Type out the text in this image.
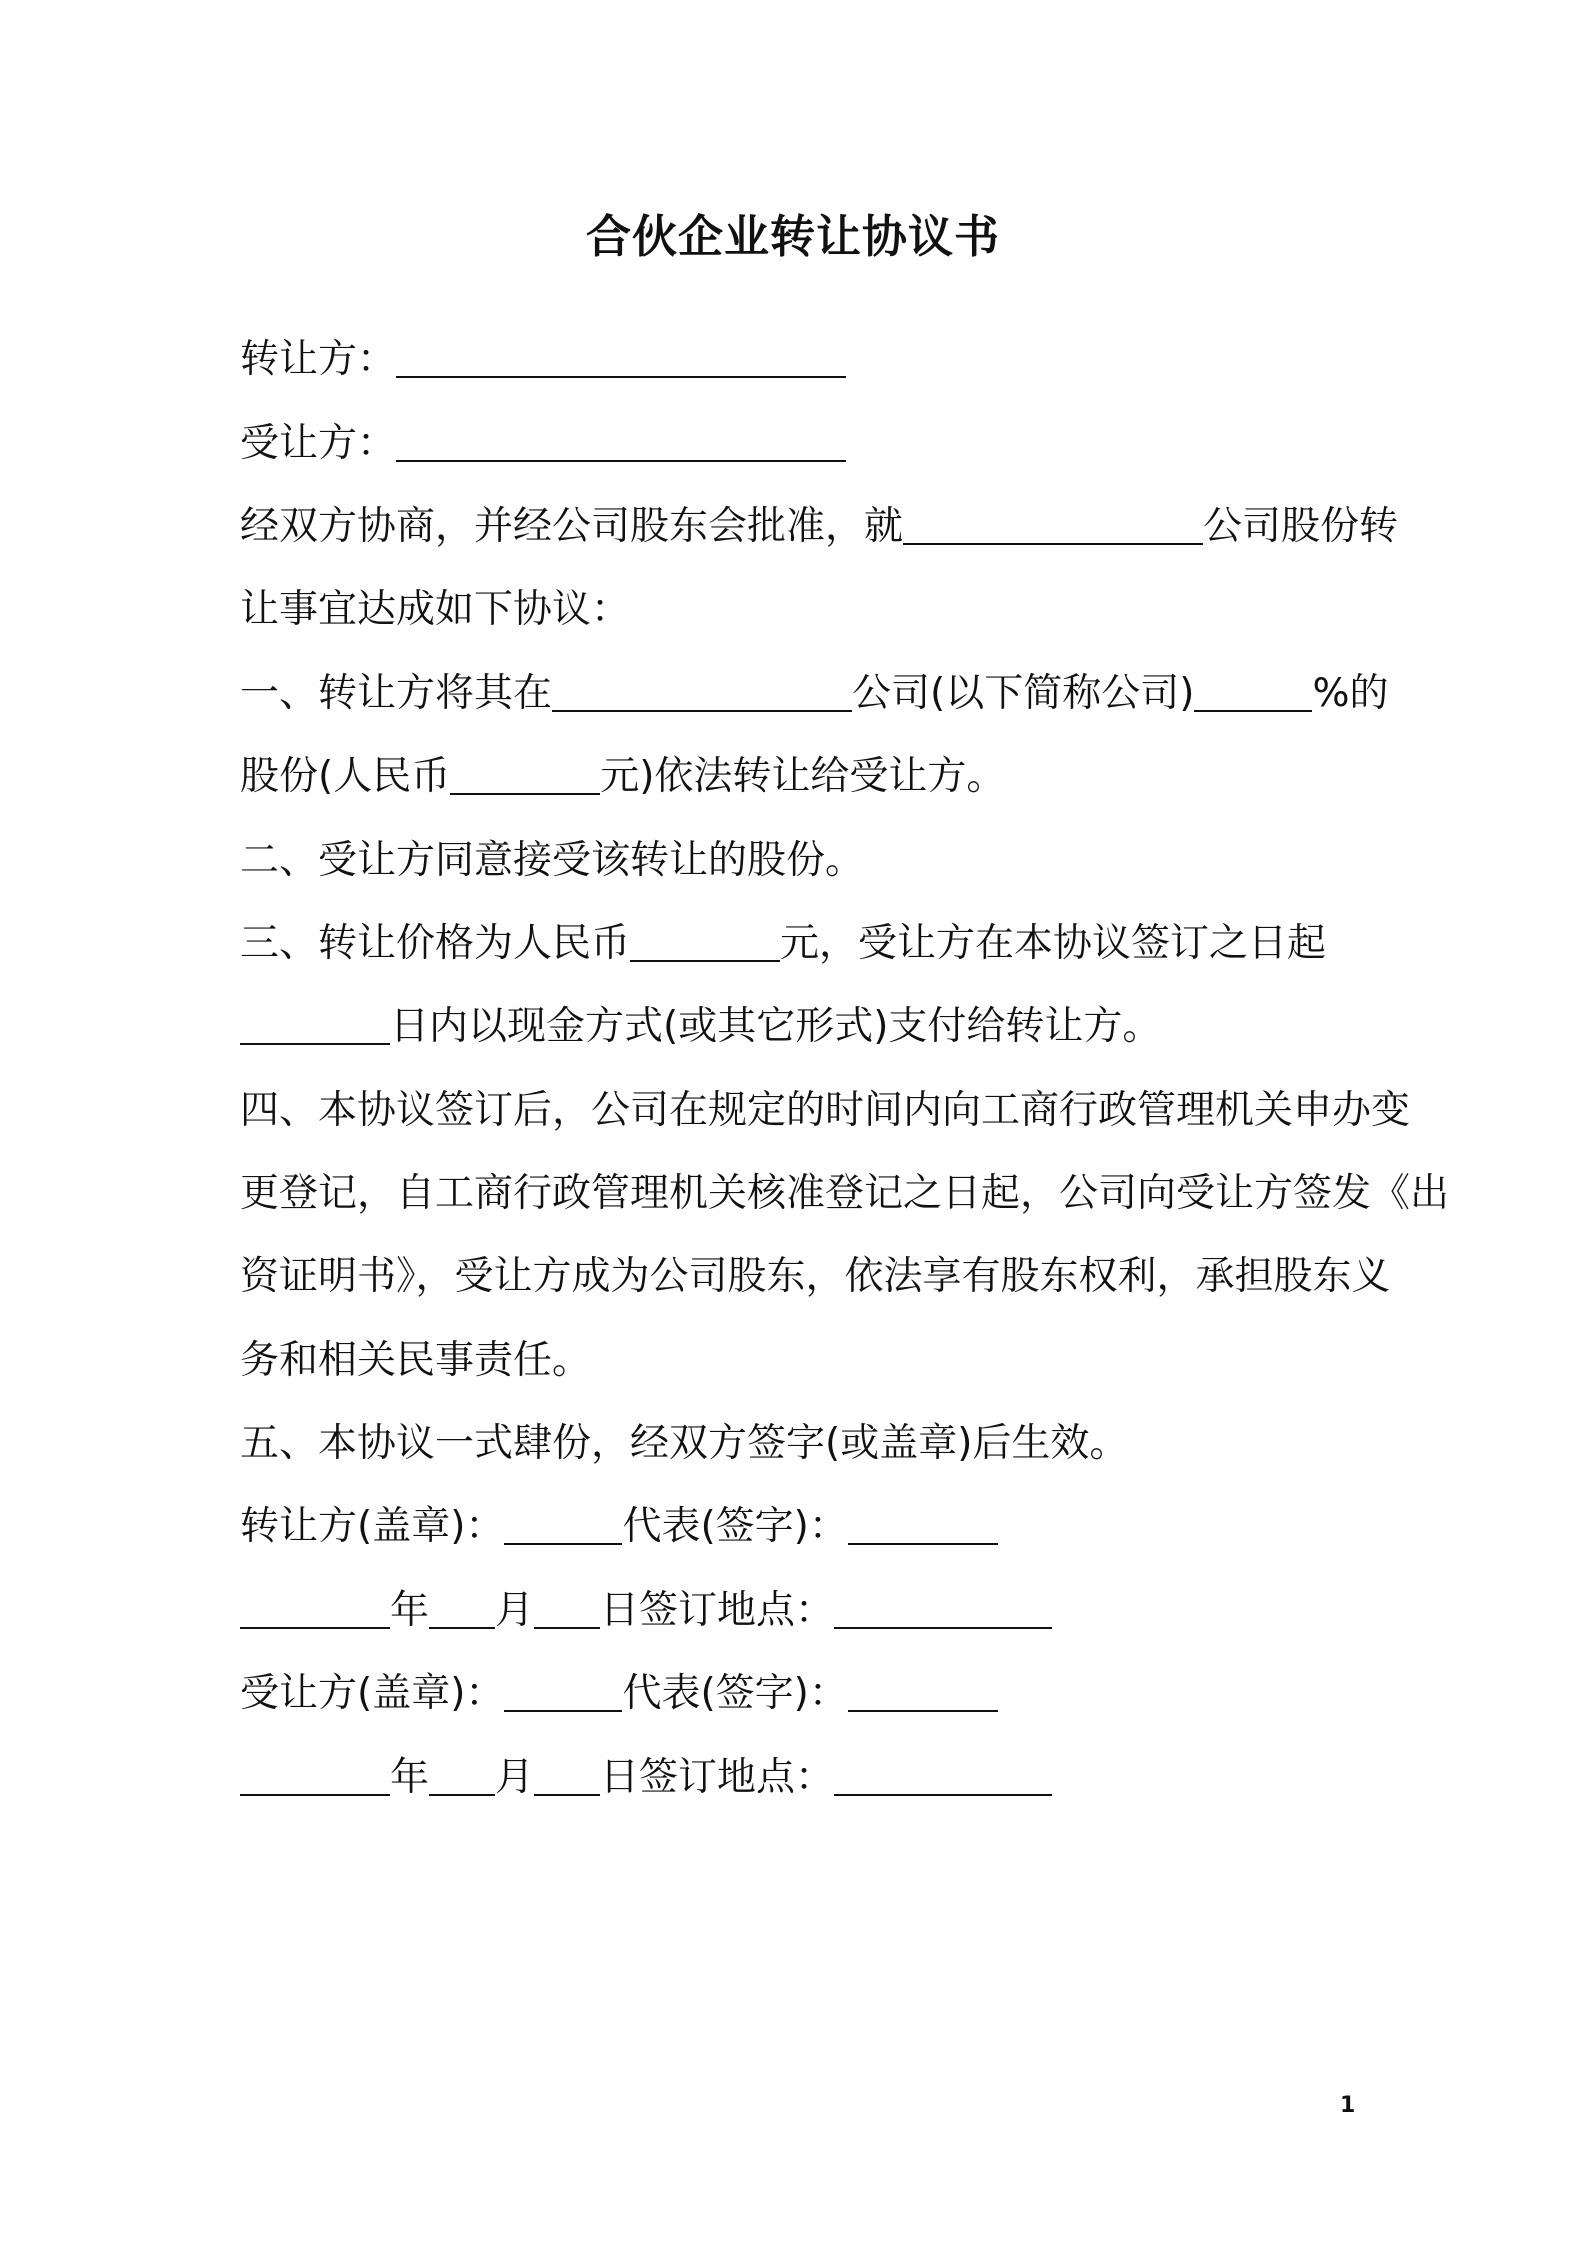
合伙企业转让协议书
转让方：
受让方：
经双方协商，并经公司股东会批准，就	公司股份转
让事宜达成如下协议：
一、转让方将其在	公司(以下简称公司)	%的
股份(人民币	元)依法转让给受让方。
二、受让方同意接受该转让的股份。
三、转让价格为人民币	元，受让方在本协议签订之日起
日内以现金方式(或其它形式)支付给转让方。
四、本协议签订后，公司在规定的时间内向工商行政管理机关申办变
更登记，自工商行政管理机关核准登记之日起，公司向受让方签发《出
资证明书》，受让方成为公司股东，依法享有股东权利，承担股东义
务和相关民事责任。
五、本协议一式肆份，经双方签字(或盖章)后生效。
转让方(盖章)：	代表(签字)：
年 月 日签订地点：
受让方(盖章)：	代表(签字)：
年 月 日签订地点：
1
